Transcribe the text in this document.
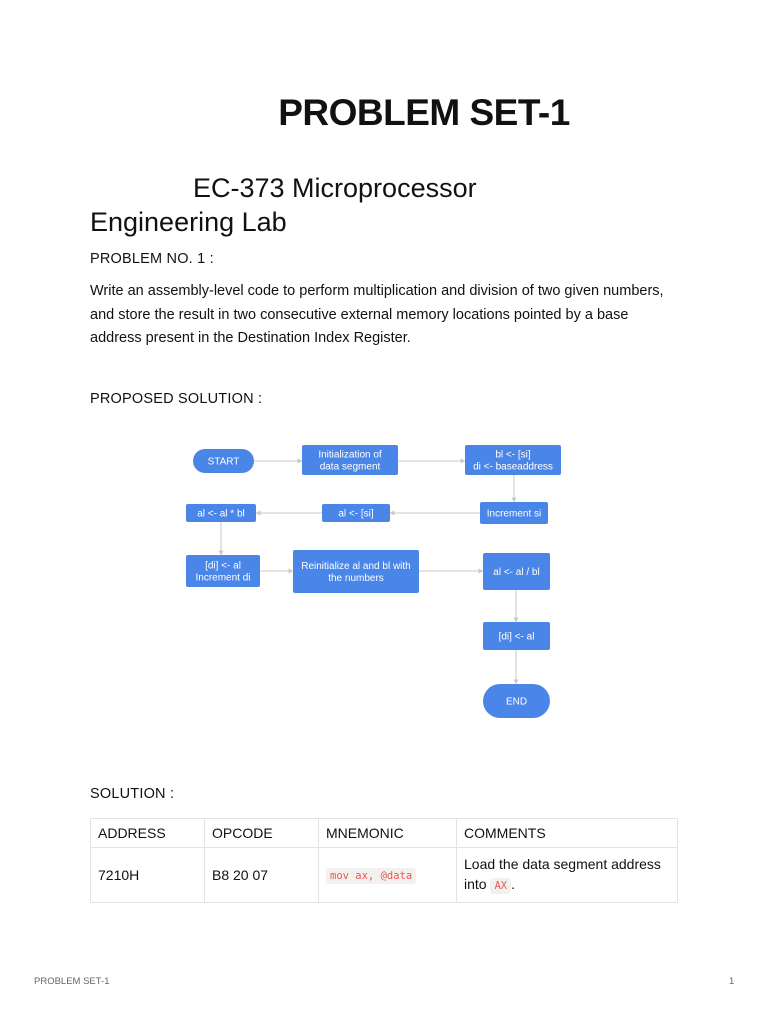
PROBLEM SET-1
EC-373 Microprocessor
Engineering Lab
PROBLEM NO. 1 :
Write an assembly-level code to perform multiplication and division of two given numbers, and store the result in two consecutive external memory locations pointed by a base address present in the Destination Index Register.
PROPOSED SOLUTION :
START
Initialization of
data segment
bl <- [si]
di <- baseaddress
Increment si
al <- [si]
al <- al * bl
[di] <- al
Increment di
Reinitialize al and bl with
the numbers
al <- al / bl
[di] <- al
END
SOLUTION :
ADDRESS	OPCODE	MNEMONIC	COMMENTS
7210H	B8 20 07	mov ax, @data	Load the data segment address into AX .
PROBLEM SET-1	1
